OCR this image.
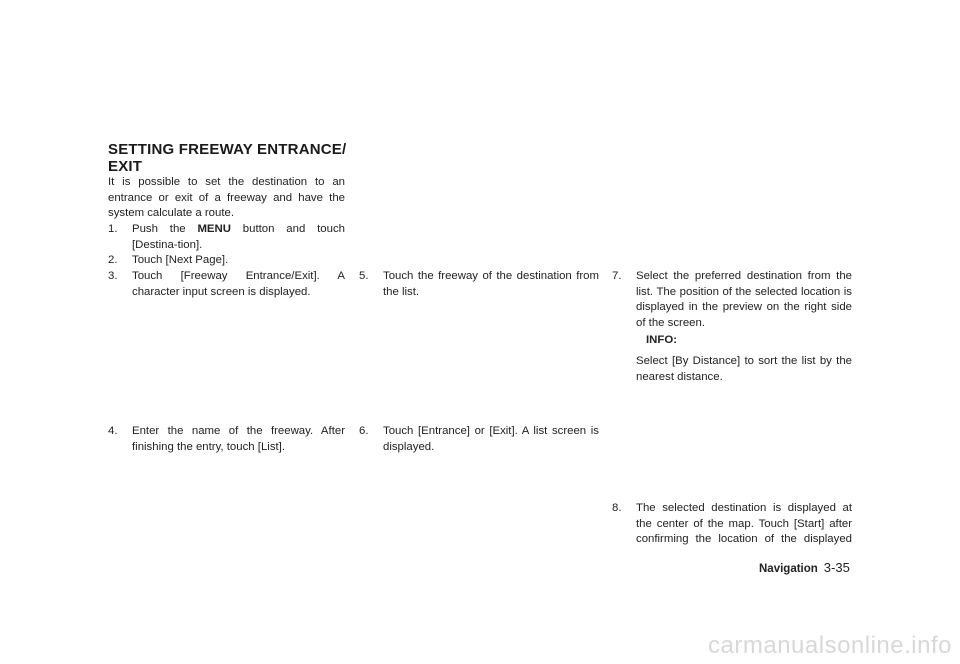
SETTING FREEWAY ENTRANCE/
EXIT
It is possible to set the destination to an entrance or exit of a freeway and have the system calculate a route.
1.	Push the MENU button and touch [Destina-tion].
2.	Touch [Next Page].
3.	Touch [Freeway Entrance/Exit]. A character input screen is displayed.
4.	Enter the name of the freeway. After finishing the entry, touch [List].
5.	Touch the freeway of the destination from the list.
6.	Touch [Entrance] or [Exit]. A list screen is displayed.
7.	Select the preferred destination from the list. The position of the selected location is displayed in the preview on the right side of the screen.
INFO:
Select [By Distance] to sort the list by the nearest distance.
8.	The selected destination is displayed at the center of the map. Touch [Start] after confirming the location of the displayed
Navigation 3-35
carmanualsonline.info
